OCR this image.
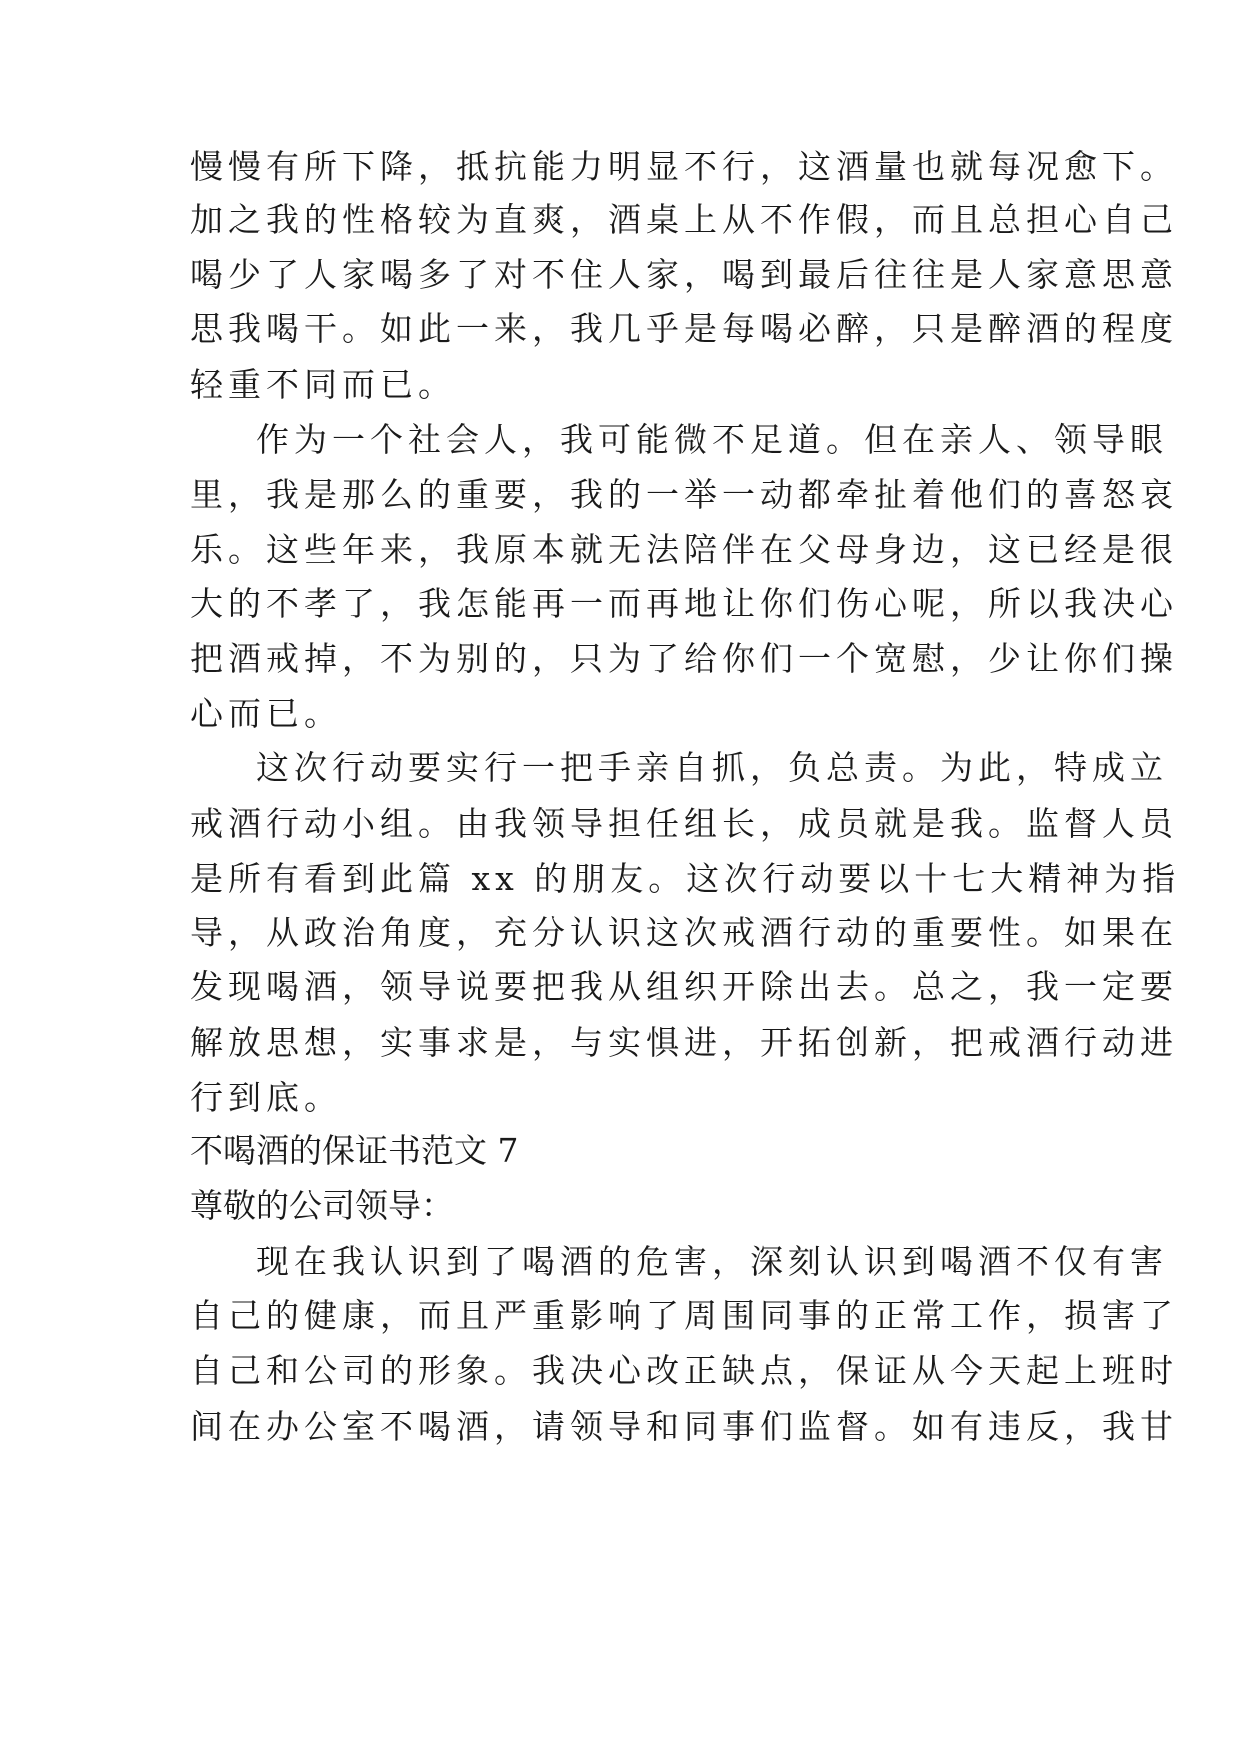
慢慢有所下降，抵抗能力明显不行，这酒量也就每况愈下。
加之我的性格较为直爽，酒桌上从不作假，而且总担心自己
喝少了人家喝多了对不住人家，喝到最后往往是人家意思意
思我喝干。如此一来，我几乎是每喝必醉，只是醉酒的程度
轻重不同而已。
作为一个社会人，我可能微不足道。但在亲人、领导眼
里，我是那么的重要，我的一举一动都牵扯着他们的喜怒哀
乐。这些年来，我原本就无法陪伴在父母身边，这已经是很
大的不孝了，我怎能再一而再地让你们伤心呢，所以我决心
把酒戒掉，不为别的，只为了给你们一个宽慰，少让你们操
心而已。
这次行动要实行一把手亲自抓，负总责。为此，特成立
戒酒行动小组。由我领导担任组长，成员就是我。监督人员
是所有看到此篇 xx 的朋友。这次行动要以十七大精神为指
导，从政治角度，充分认识这次戒酒行动的重要性。如果在
发现喝酒，领导说要把我从组织开除出去。总之，我一定要
解放思想，实事求是，与实惧进，开拓创新，把戒酒行动进
行到底。
不喝酒的保证书范文 7
尊敬的公司领导：
现在我认识到了喝酒的危害，深刻认识到喝酒不仅有害
自己的健康，而且严重影响了周围同事的正常工作，损害了
自己和公司的形象。我决心改正缺点，保证从今天起上班时
间在办公室不喝酒，请领导和同事们监督。如有违反，我甘
